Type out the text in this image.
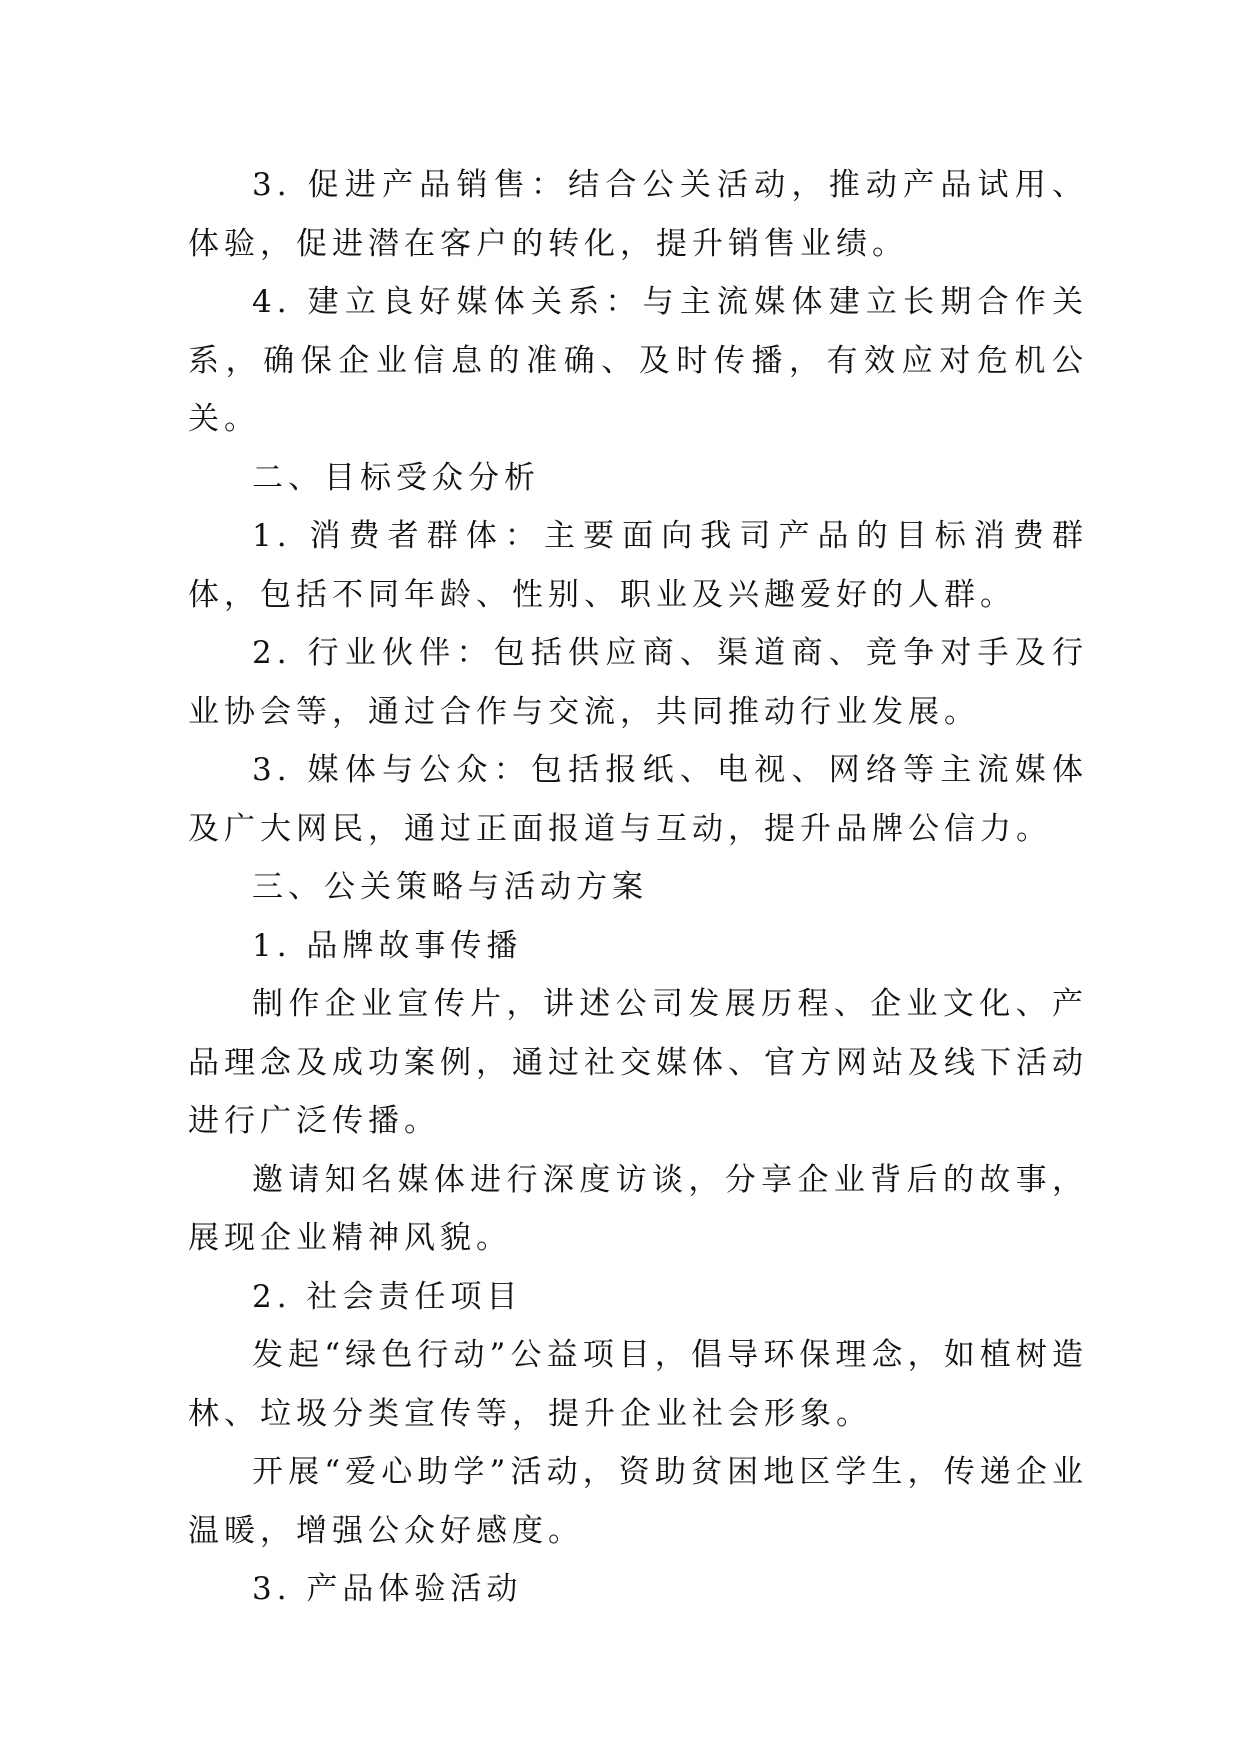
3. 促进产品销售：结合公关活动，推动产品试用、体验，促进潜在客户的转化，提升销售业绩。

4. 建立良好媒体关系：与主流媒体建立长期合作关系，确保企业信息的准确、及时传播，有效应对危机公关。

二、目标受众分析

1. 消费者群体：主要面向我司产品的目标消费群体，包括不同年龄、性别、职业及兴趣爱好的人群。

2. 行业伙伴：包括供应商、渠道商、竞争对手及行业协会等，通过合作与交流，共同推动行业发展。

3. 媒体与公众：包括报纸、电视、网络等主流媒体及广大网民，通过正面报道与互动，提升品牌公信力。

三、公关策略与活动方案

1. 品牌故事传播

制作企业宣传片，讲述公司发展历程、企业文化、产品理念及成功案例，通过社交媒体、官方网站及线下活动进行广泛传播。

邀请知名媒体进行深度访谈，分享企业背后的故事，展现企业精神风貌。

2. 社会责任项目

发起“绿色行动”公益项目，倡导环保理念，如植树造林、垃圾分类宣传等，提升企业社会形象。

开展“爱心助学”活动，资助贫困地区学生，传递企业温暖，增强公众好感度。

3. 产品体验活动
